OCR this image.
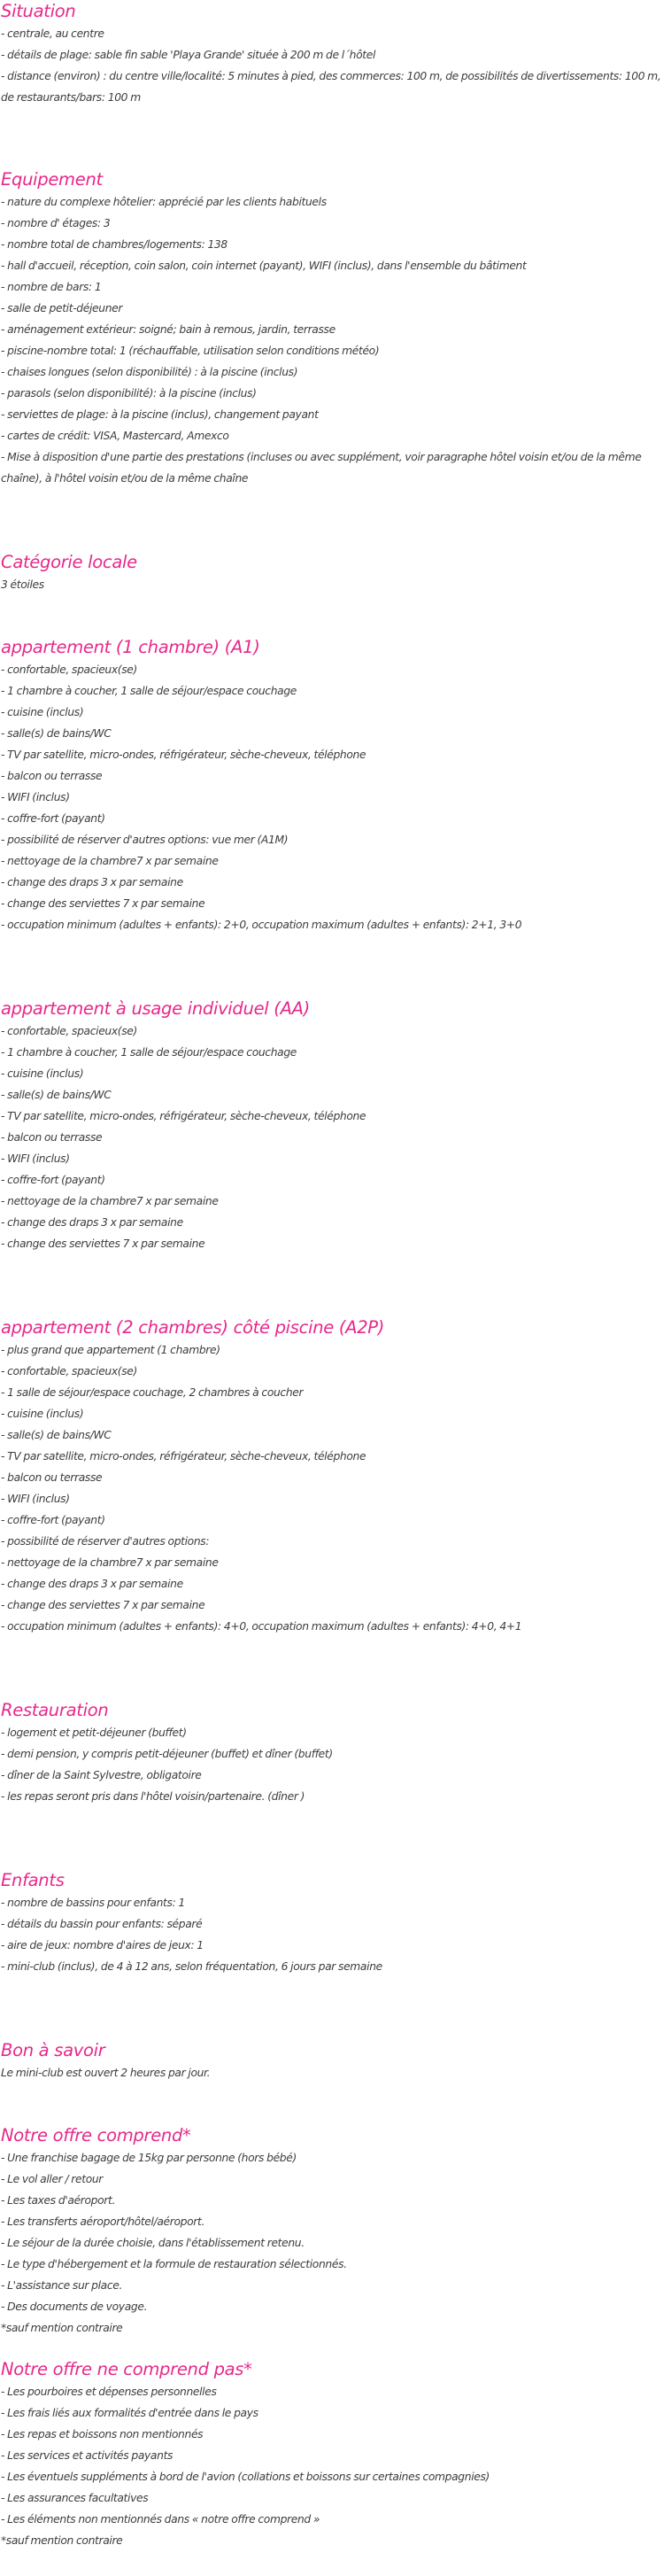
Situation
- centrale, au centre
- détails de plage: sable fin sable 'Playa Grande' située à 200 m de l´hôtel
- distance (environ) : du centre ville/localité: 5 minutes à pied, des commerces: 100 m, de possibilités de divertissements: 100 m, de restaurants/bars: 100 m
Equipement
- nature du complexe hôtelier: apprécié par les clients habituels
- nombre d' étages: 3
- nombre total de chambres/logements: 138
- hall d'accueil, réception, coin salon, coin internet (payant), WIFI (inclus), dans l'ensemble du bâtiment
- nombre de bars: 1
- salle de petit-déjeuner
- aménagement extérieur: soigné; bain à remous, jardin, terrasse
- piscine-nombre total: 1 (réchauffable, utilisation selon conditions météo)
- chaises longues (selon disponibilité) : à la piscine (inclus)
- parasols (selon disponibilité): à la piscine (inclus)
- serviettes de plage: à la piscine (inclus), changement payant
- cartes de crédit: VISA, Mastercard, Amexco
- Mise à disposition d'une partie des prestations (incluses ou avec supplément, voir paragraphe hôtel voisin et/ou de la même chaîne), à l'hôtel voisin et/ou de la même chaîne
Catégorie locale
3 étoiles
appartement (1 chambre) (A1)
- confortable, spacieux(se)
- 1 chambre à coucher, 1 salle de séjour/espace couchage
- cuisine (inclus)
- salle(s) de bains/WC
- TV par satellite, micro-ondes, réfrigérateur, sèche-cheveux, téléphone
- balcon ou terrasse
- WIFI (inclus)
- coffre-fort (payant)
- possibilité de réserver d'autres options: vue mer (A1M)
- nettoyage de la chambre7 x par semaine
- change des draps 3 x par semaine
- change des serviettes 7 x par semaine
- occupation minimum (adultes + enfants): 2+0, occupation maximum (adultes + enfants): 2+1, 3+0
appartement à usage individuel (AA)
- confortable, spacieux(se)
- 1 chambre à coucher, 1 salle de séjour/espace couchage
- cuisine (inclus)
- salle(s) de bains/WC
- TV par satellite, micro-ondes, réfrigérateur, sèche-cheveux, téléphone
- balcon ou terrasse
- WIFI (inclus)
- coffre-fort (payant)
- nettoyage de la chambre7 x par semaine
- change des draps 3 x par semaine
- change des serviettes 7 x par semaine
appartement (2 chambres) côté piscine (A2P)
- plus grand que appartement (1 chambre)
- confortable, spacieux(se)
- 1 salle de séjour/espace couchage, 2 chambres à coucher
- cuisine (inclus)
- salle(s) de bains/WC
- TV par satellite, micro-ondes, réfrigérateur, sèche-cheveux, téléphone
- balcon ou terrasse
- WIFI (inclus)
- coffre-fort (payant)
- possibilité de réserver d'autres options:
- nettoyage de la chambre7 x par semaine
- change des draps 3 x par semaine
- change des serviettes 7 x par semaine
- occupation minimum (adultes + enfants): 4+0, occupation maximum (adultes + enfants): 4+0, 4+1
Restauration
- logement et petit-déjeuner (buffet)
- demi pension, y compris petit-déjeuner (buffet) et dîner (buffet)
- dîner de la Saint Sylvestre, obligatoire
- les repas seront pris dans l'hôtel voisin/partenaire. (dîner )
Enfants
- nombre de bassins pour enfants: 1
- détails du bassin pour enfants: séparé
- aire de jeux: nombre d'aires de jeux: 1
- mini-club (inclus), de 4 à 12 ans, selon fréquentation, 6 jours par semaine
Bon à savoir
Le mini-club est ouvert 2 heures par jour.
Notre offre comprend*
- Une franchise bagage de 15kg par personne (hors bébé)
- Le vol aller / retour
- Les taxes d'aéroport.
- Les transferts aéroport/hôtel/aéroport.
- Le séjour de la durée choisie, dans l'établissement retenu.
- Le type d'hébergement et la formule de restauration sélectionnés.
- L'assistance sur place.
- Des documents de voyage.
*sauf mention contraire
Notre offre ne comprend pas*
- Les pourboires et dépenses personnelles
- Les frais liés aux formalités d'entrée dans le pays
- Les repas et boissons non mentionnés
- Les services et activités payants
- Les éventuels suppléments à bord de l'avion (collations et boissons sur certaines compagnies)
- Les assurances facultatives
- Les éléments non mentionnés dans « notre offre comprend »
*sauf mention contraire
